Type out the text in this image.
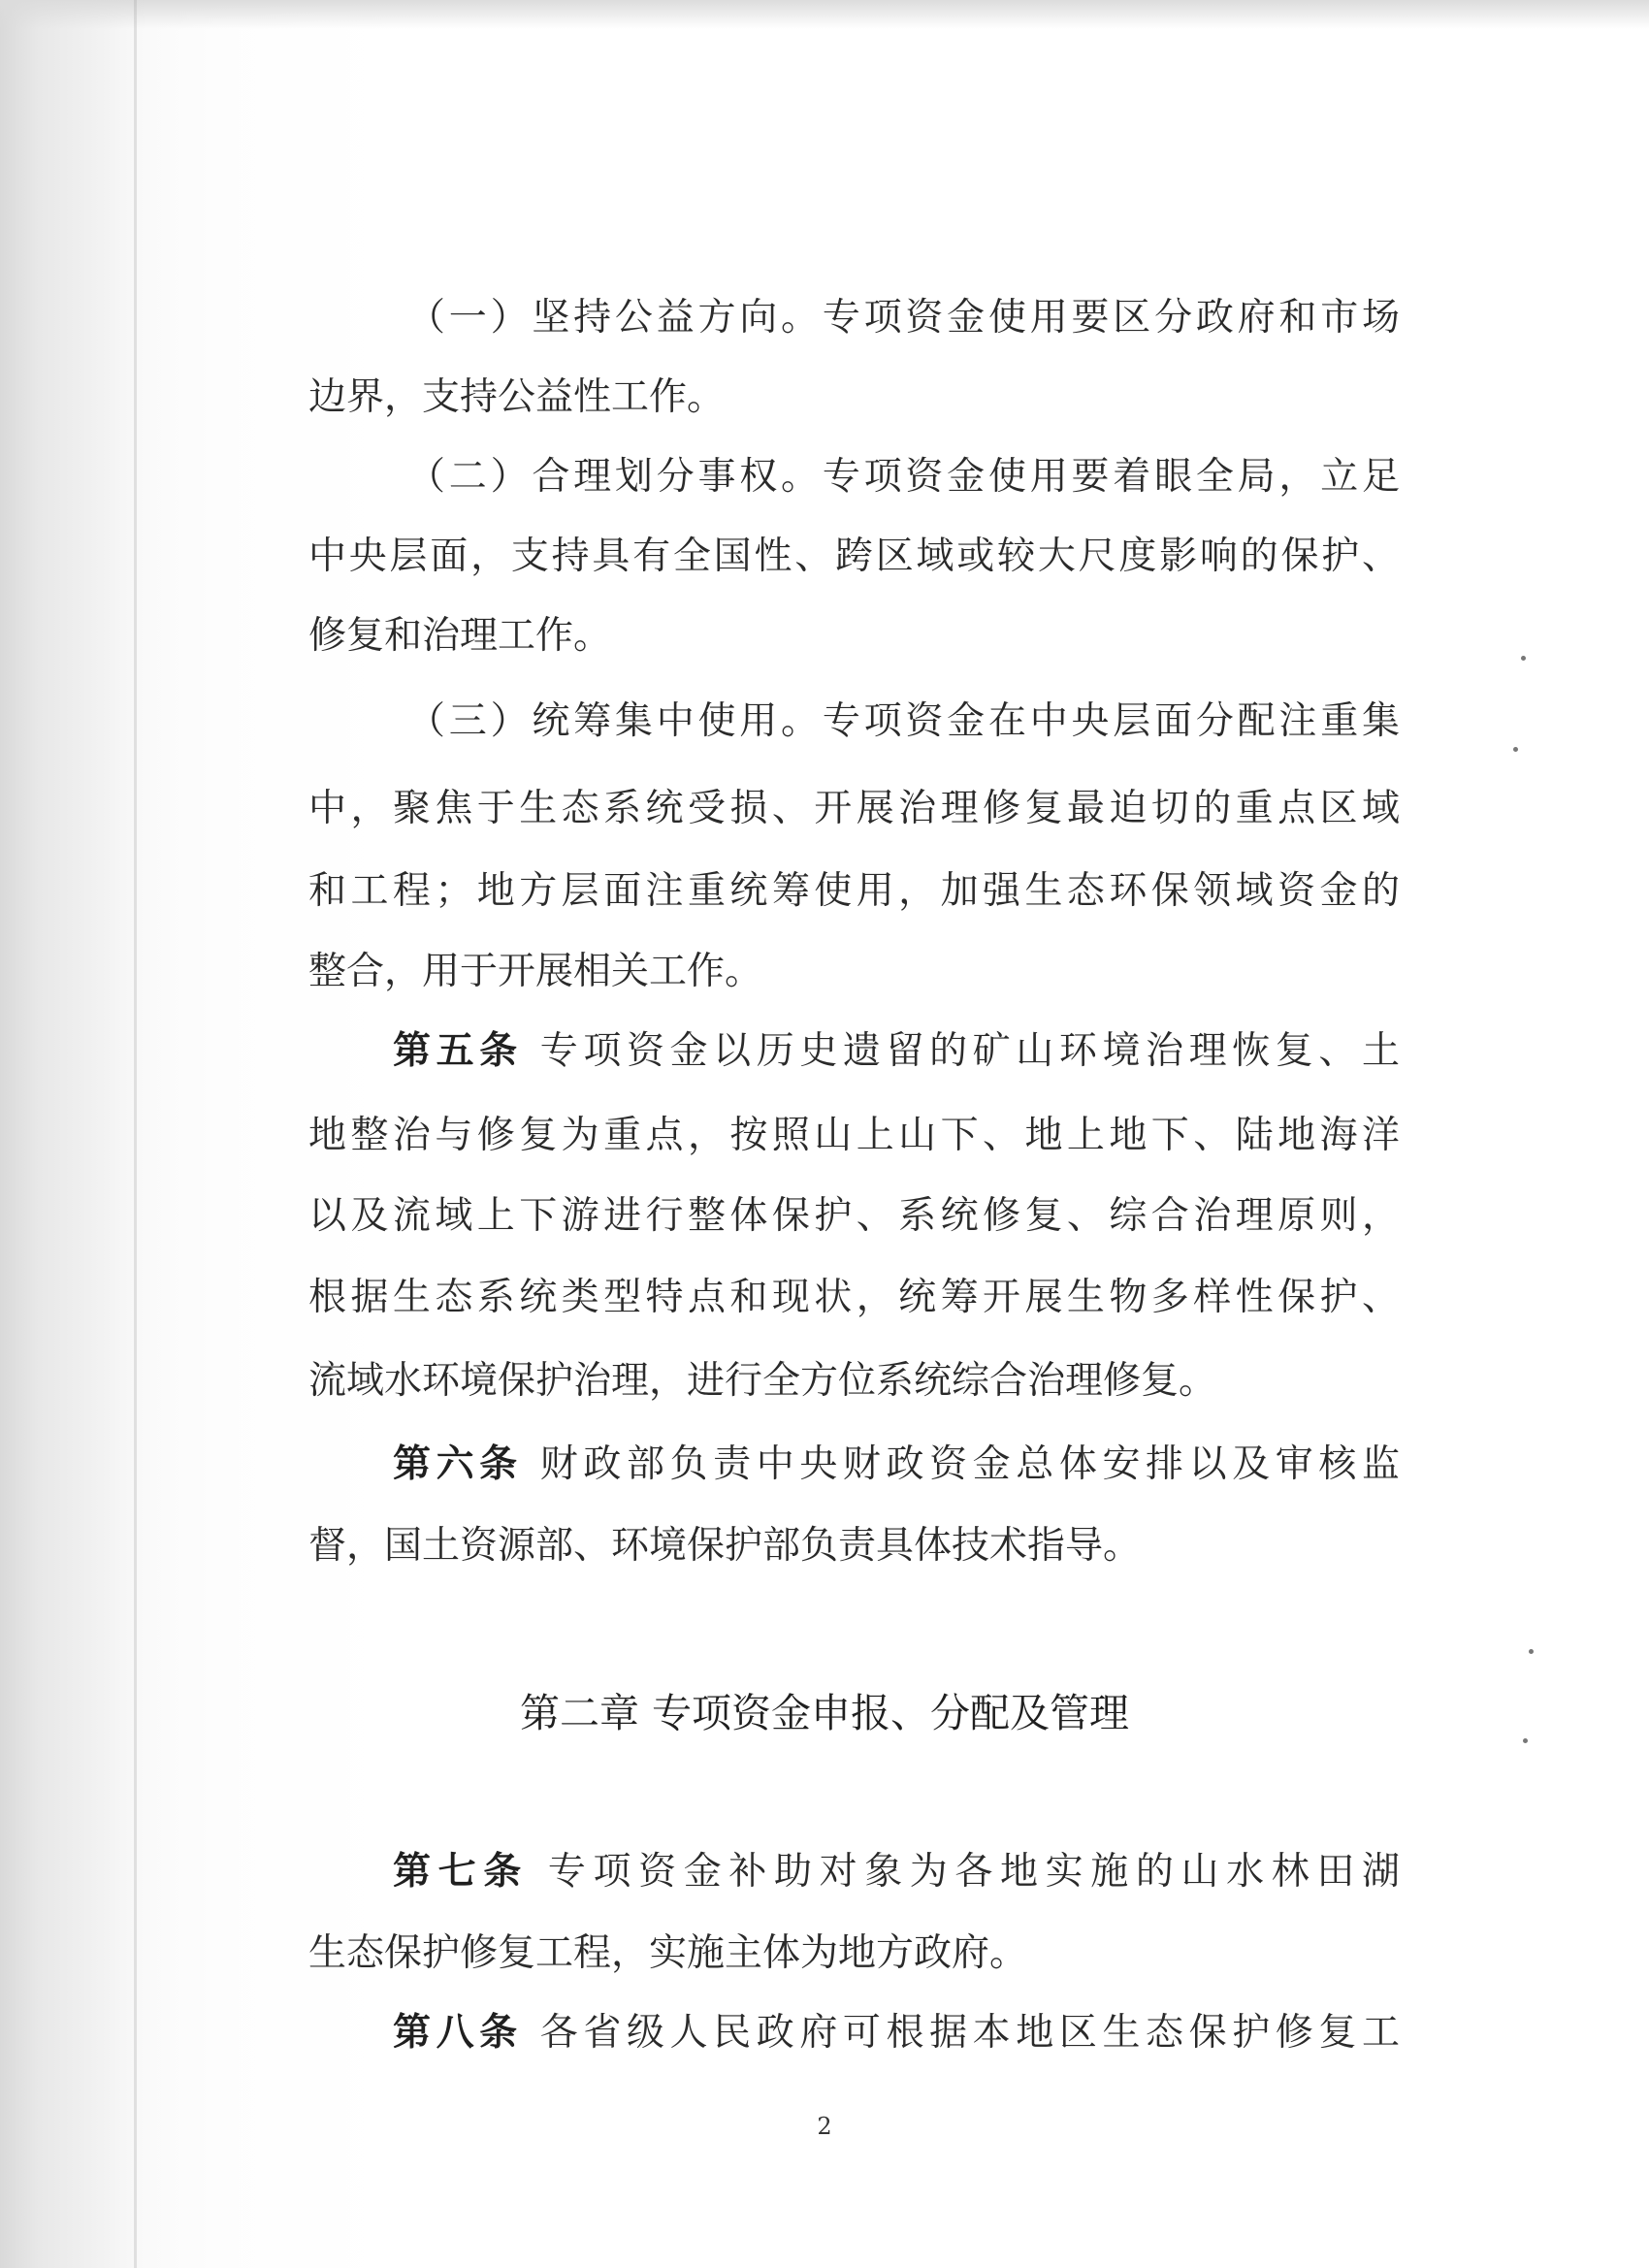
（一）坚持公益方向。专项资金使用要区分政府和市场
边界，支持公益性工作。
（二）合理划分事权。专项资金使用要着眼全局，立足
中央层面，支持具有全国性、跨区域或较大尺度影响的保护、
修复和治理工作。
（三）统筹集中使用。专项资金在中央层面分配注重集
中，聚焦于生态系统受损、开展治理修复最迫切的重点区域
和工程；地方层面注重统筹使用，加强生态环保领域资金的
整合，用于开展相关工作。
第五条 专项资金以历史遗留的矿山环境治理恢复、土
地整治与修复为重点，按照山上山下、地上地下、陆地海洋
以及流域上下游进行整体保护、系统修复、综合治理原则，
根据生态系统类型特点和现状，统筹开展生物多样性保护、
流域水环境保护治理，进行全方位系统综合治理修复。
第六条 财政部负责中央财政资金总体安排以及审核监
督，国土资源部、环境保护部负责具体技术指导。
第二章 专项资金申报、分配及管理
第七条 专项资金补助对象为各地实施的山水林田湖
生态保护修复工程，实施主体为地方政府。
第八条 各省级人民政府可根据本地区生态保护修复工
2
